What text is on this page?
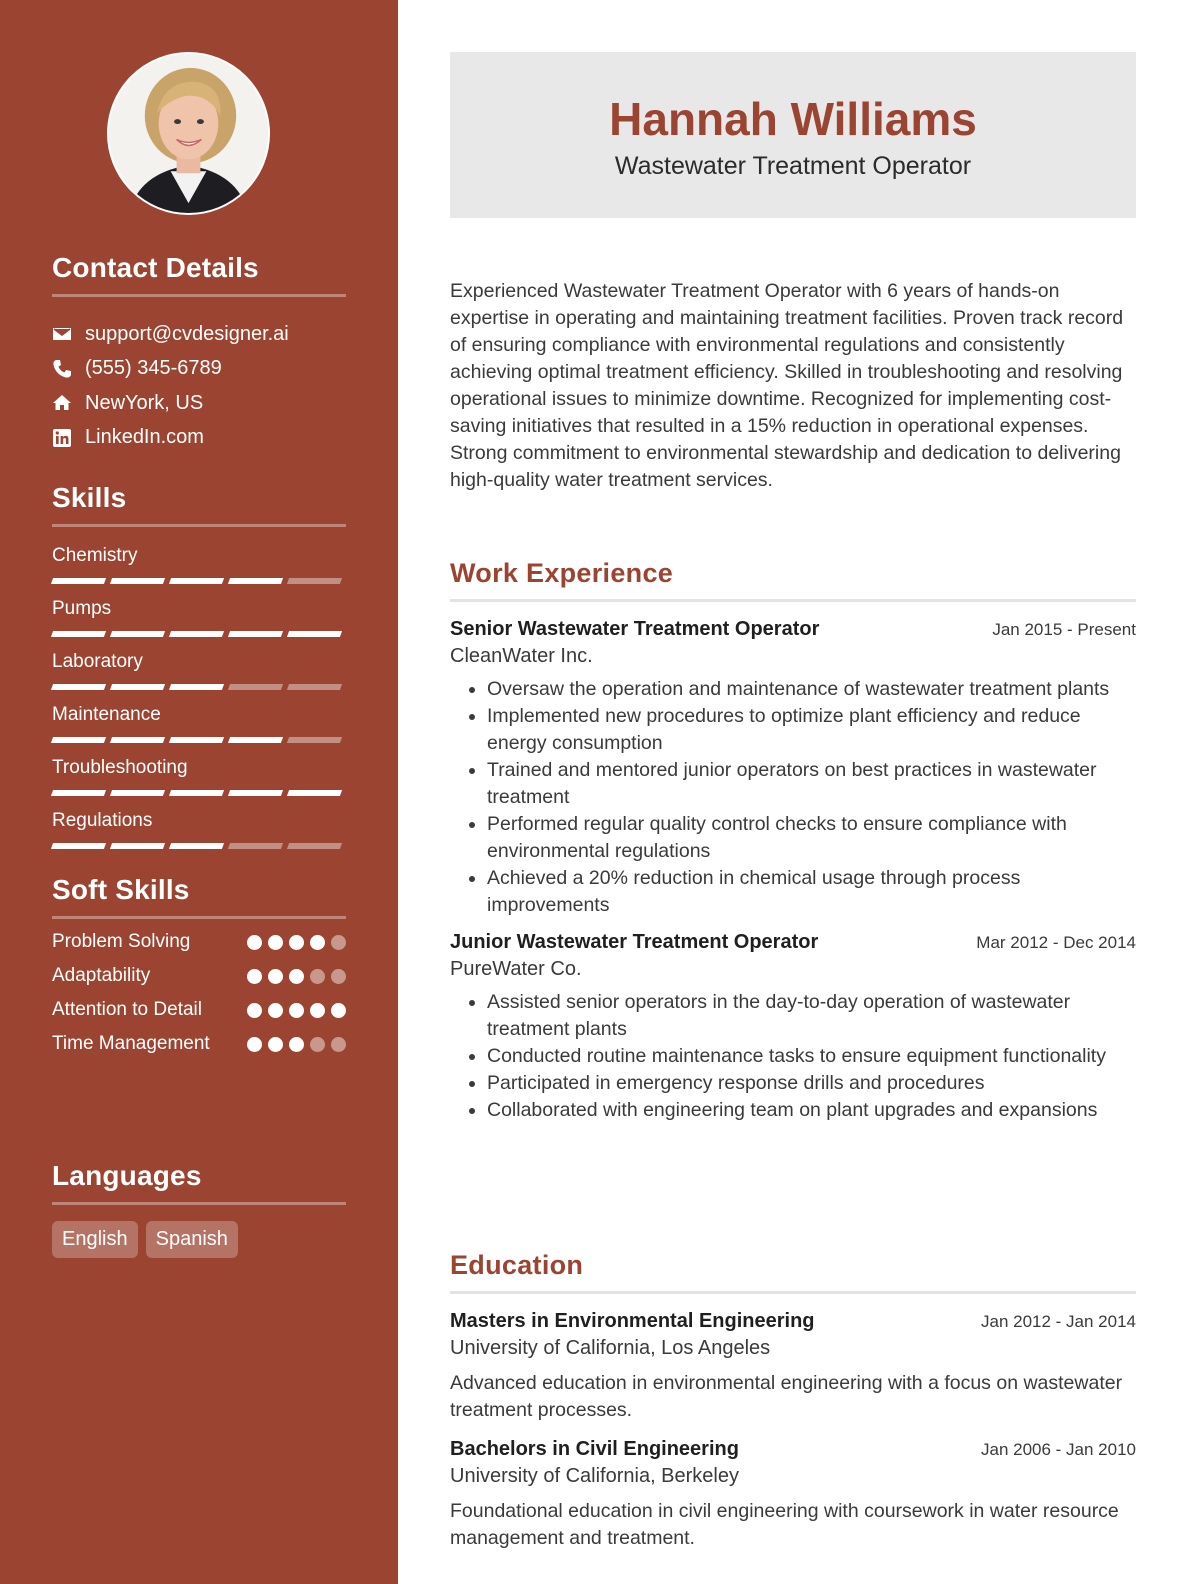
Contact Details
support@cvdesigner.ai
(555) 345-6789
NewYork, US
LinkedIn.com
Skills
Chemistry
Pumps
Laboratory
Maintenance
Troubleshooting
Regulations
Soft Skills
Problem Solving
Adaptability
Attention to Detail
Time Management
Languages
English	Spanish
Hannah Williams
Wastewater Treatment Operator

Experienced Wastewater Treatment Operator with 6 years of hands-on expertise in operating and maintaining treatment facilities. Proven track record of ensuring compliance with environmental regulations and consistently achieving optimal treatment efficiency. Skilled in troubleshooting and resolving operational issues to minimize downtime. Recognized for implementing cost-saving initiatives that resulted in a 15% reduction in operational expenses. Strong commitment to environmental stewardship and dedication to delivering high-quality water treatment services.

Work Experience
Senior Wastewater Treatment Operator	Jan 2015 - Present
CleanWater Inc.
• Oversaw the operation and maintenance of wastewater treatment plants
• Implemented new procedures to optimize plant efficiency and reduce energy consumption
• Trained and mentored junior operators on best practices in wastewater treatment
• Performed regular quality control checks to ensure compliance with environmental regulations
• Achieved a 20% reduction in chemical usage through process improvements
Junior Wastewater Treatment Operator	Mar 2012 - Dec 2014
PureWater Co.
• Assisted senior operators in the day-to-day operation of wastewater treatment plants
• Conducted routine maintenance tasks to ensure equipment functionality
• Participated in emergency response drills and procedures
• Collaborated with engineering team on plant upgrades and expansions
Education
Masters in Environmental Engineering	Jan 2012 - Jan 2014
University of California, Los Angeles

Advanced education in environmental engineering with a focus on wastewater treatment processes.

Bachelors in Civil Engineering	Jan 2006 - Jan 2010
University of California, Berkeley

Foundational education in civil engineering with coursework in water resource management and treatment.
